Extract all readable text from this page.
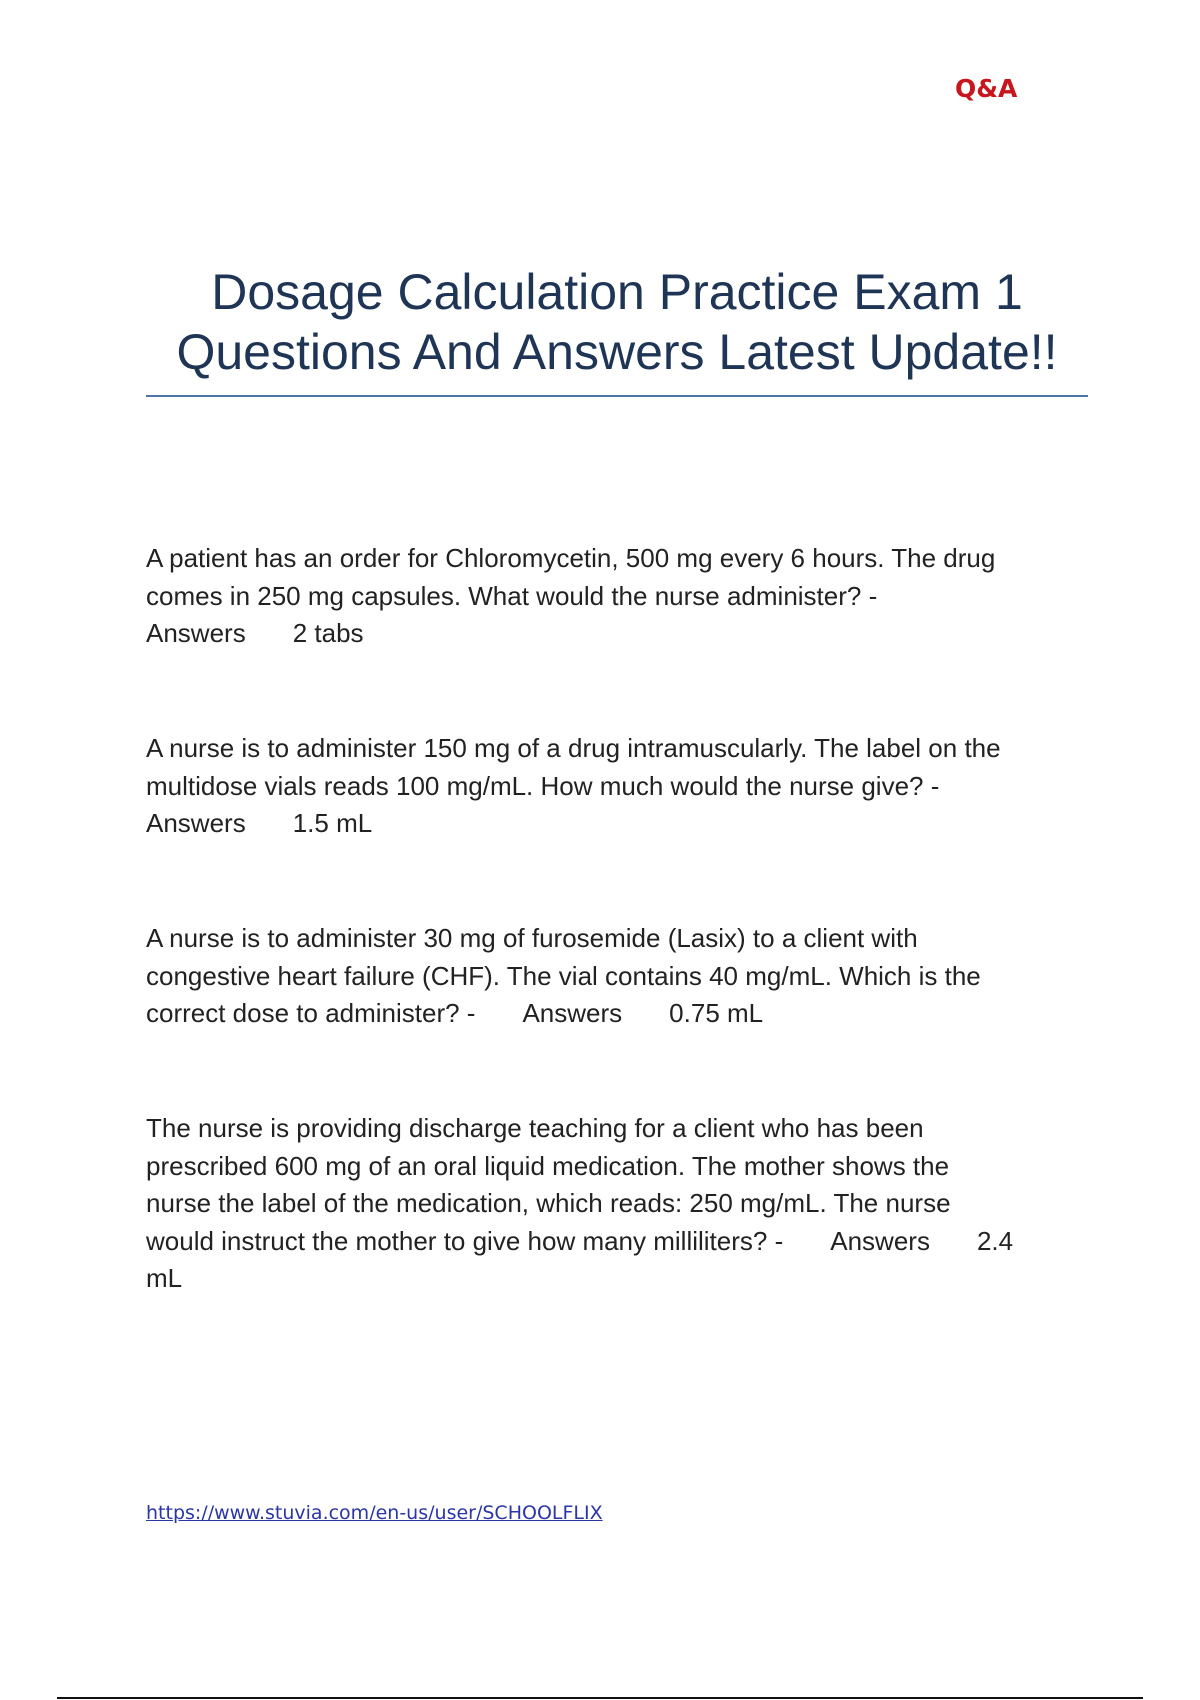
Q&A
Dosage Calculation Practice Exam 1
Questions And Answers Latest Update!!
A patient has an order for Chloromycetin, 500 mg every 6 hours. The drug
comes in 250 mg capsules. What would the nurse administer? -
Answers 2 tabs
A nurse is to administer 150 mg of a drug intramuscularly. The label on the
multidose vials reads 100 mg/mL. How much would the nurse give? -
Answers 1.5 mL
A nurse is to administer 30 mg of furosemide (Lasix) to a client with
congestive heart failure (CHF). The vial contains 40 mg/mL. Which is the
correct dose to administer? - Answers 0.75 mL
The nurse is providing discharge teaching for a client who has been
prescribed 600 mg of an oral liquid medication. The mother shows the
nurse the label of the medication, which reads: 250 mg/mL. The nurse
would instruct the mother to give how many milliliters? - Answers 2.4
mL
https://www.stuvia.com/en-us/user/SCHOOLFLIX
